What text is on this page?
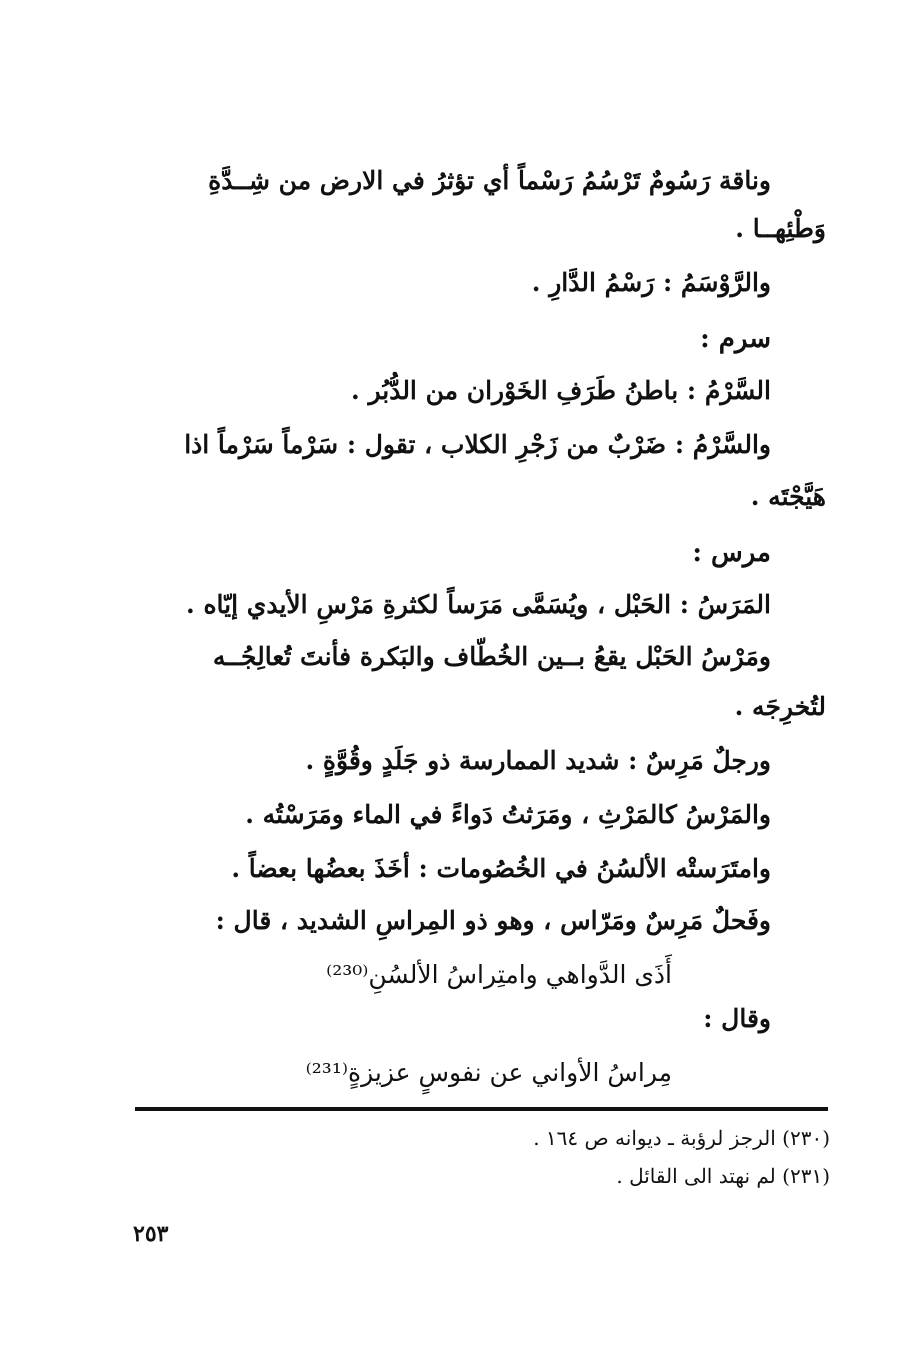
وناقة رَسُوم‌ٌ تَرْسُمُ رَسْماً أي تؤثرُ في الارض من شِــدَّةِ
وَطْئِهــا .
والرَّوْسَمُ : رَسْمُ الدَّارِ .
سرم :
السَّرْمُ : باطنُ طَرَفِ الخَوْران من الدُّبُر .
والسَّرْمُ : ضَرْبٌ من زَجْرِ الكلاب ، تقول : سَرْماً سَرْماً اذا
هَيَّجْتَه .
مرس :
المَرَسُ : الحَبْل ، ويُسَمَّى مَرَساً لكثرةِ مَرْسِ الأيدي إيّاه .
ومَرْسُ الحَبْل يقعُ بــين الخُطّاف والبَكرة فأنتَ تُعالِجُــه
لتُخرِجَه .
ورجلٌ مَرِسٌ : شديد الممارسة ذو جَلَدٍ وقُوَّةٍ .
والمَرْسُ كالمَرْثِ ، ومَرَثتُ دَواءً في الماء ومَرَسْتُه .
وامتَرَستْه الألسُنُ في الخُصُومات : أخَذَ بعضُها بعضاً .
وفَحلٌ مَرِسٌ ومَرّاس ، وهو ذو المِراسِ الشديد ، قال :
أَذَى الدَّواهي وامتِراسُ الألسُنِ⁽²³⁰⁾
وقال :
مِراسُ الأواني عن نفوسٍ عزيزةٍ⁽²³¹⁾
(٢٣٠) الرجز لرؤبة ـ ديوانه ص ١٦٤ .
(٢٣١) لم نهتد الى القائل .
٢٥٣
